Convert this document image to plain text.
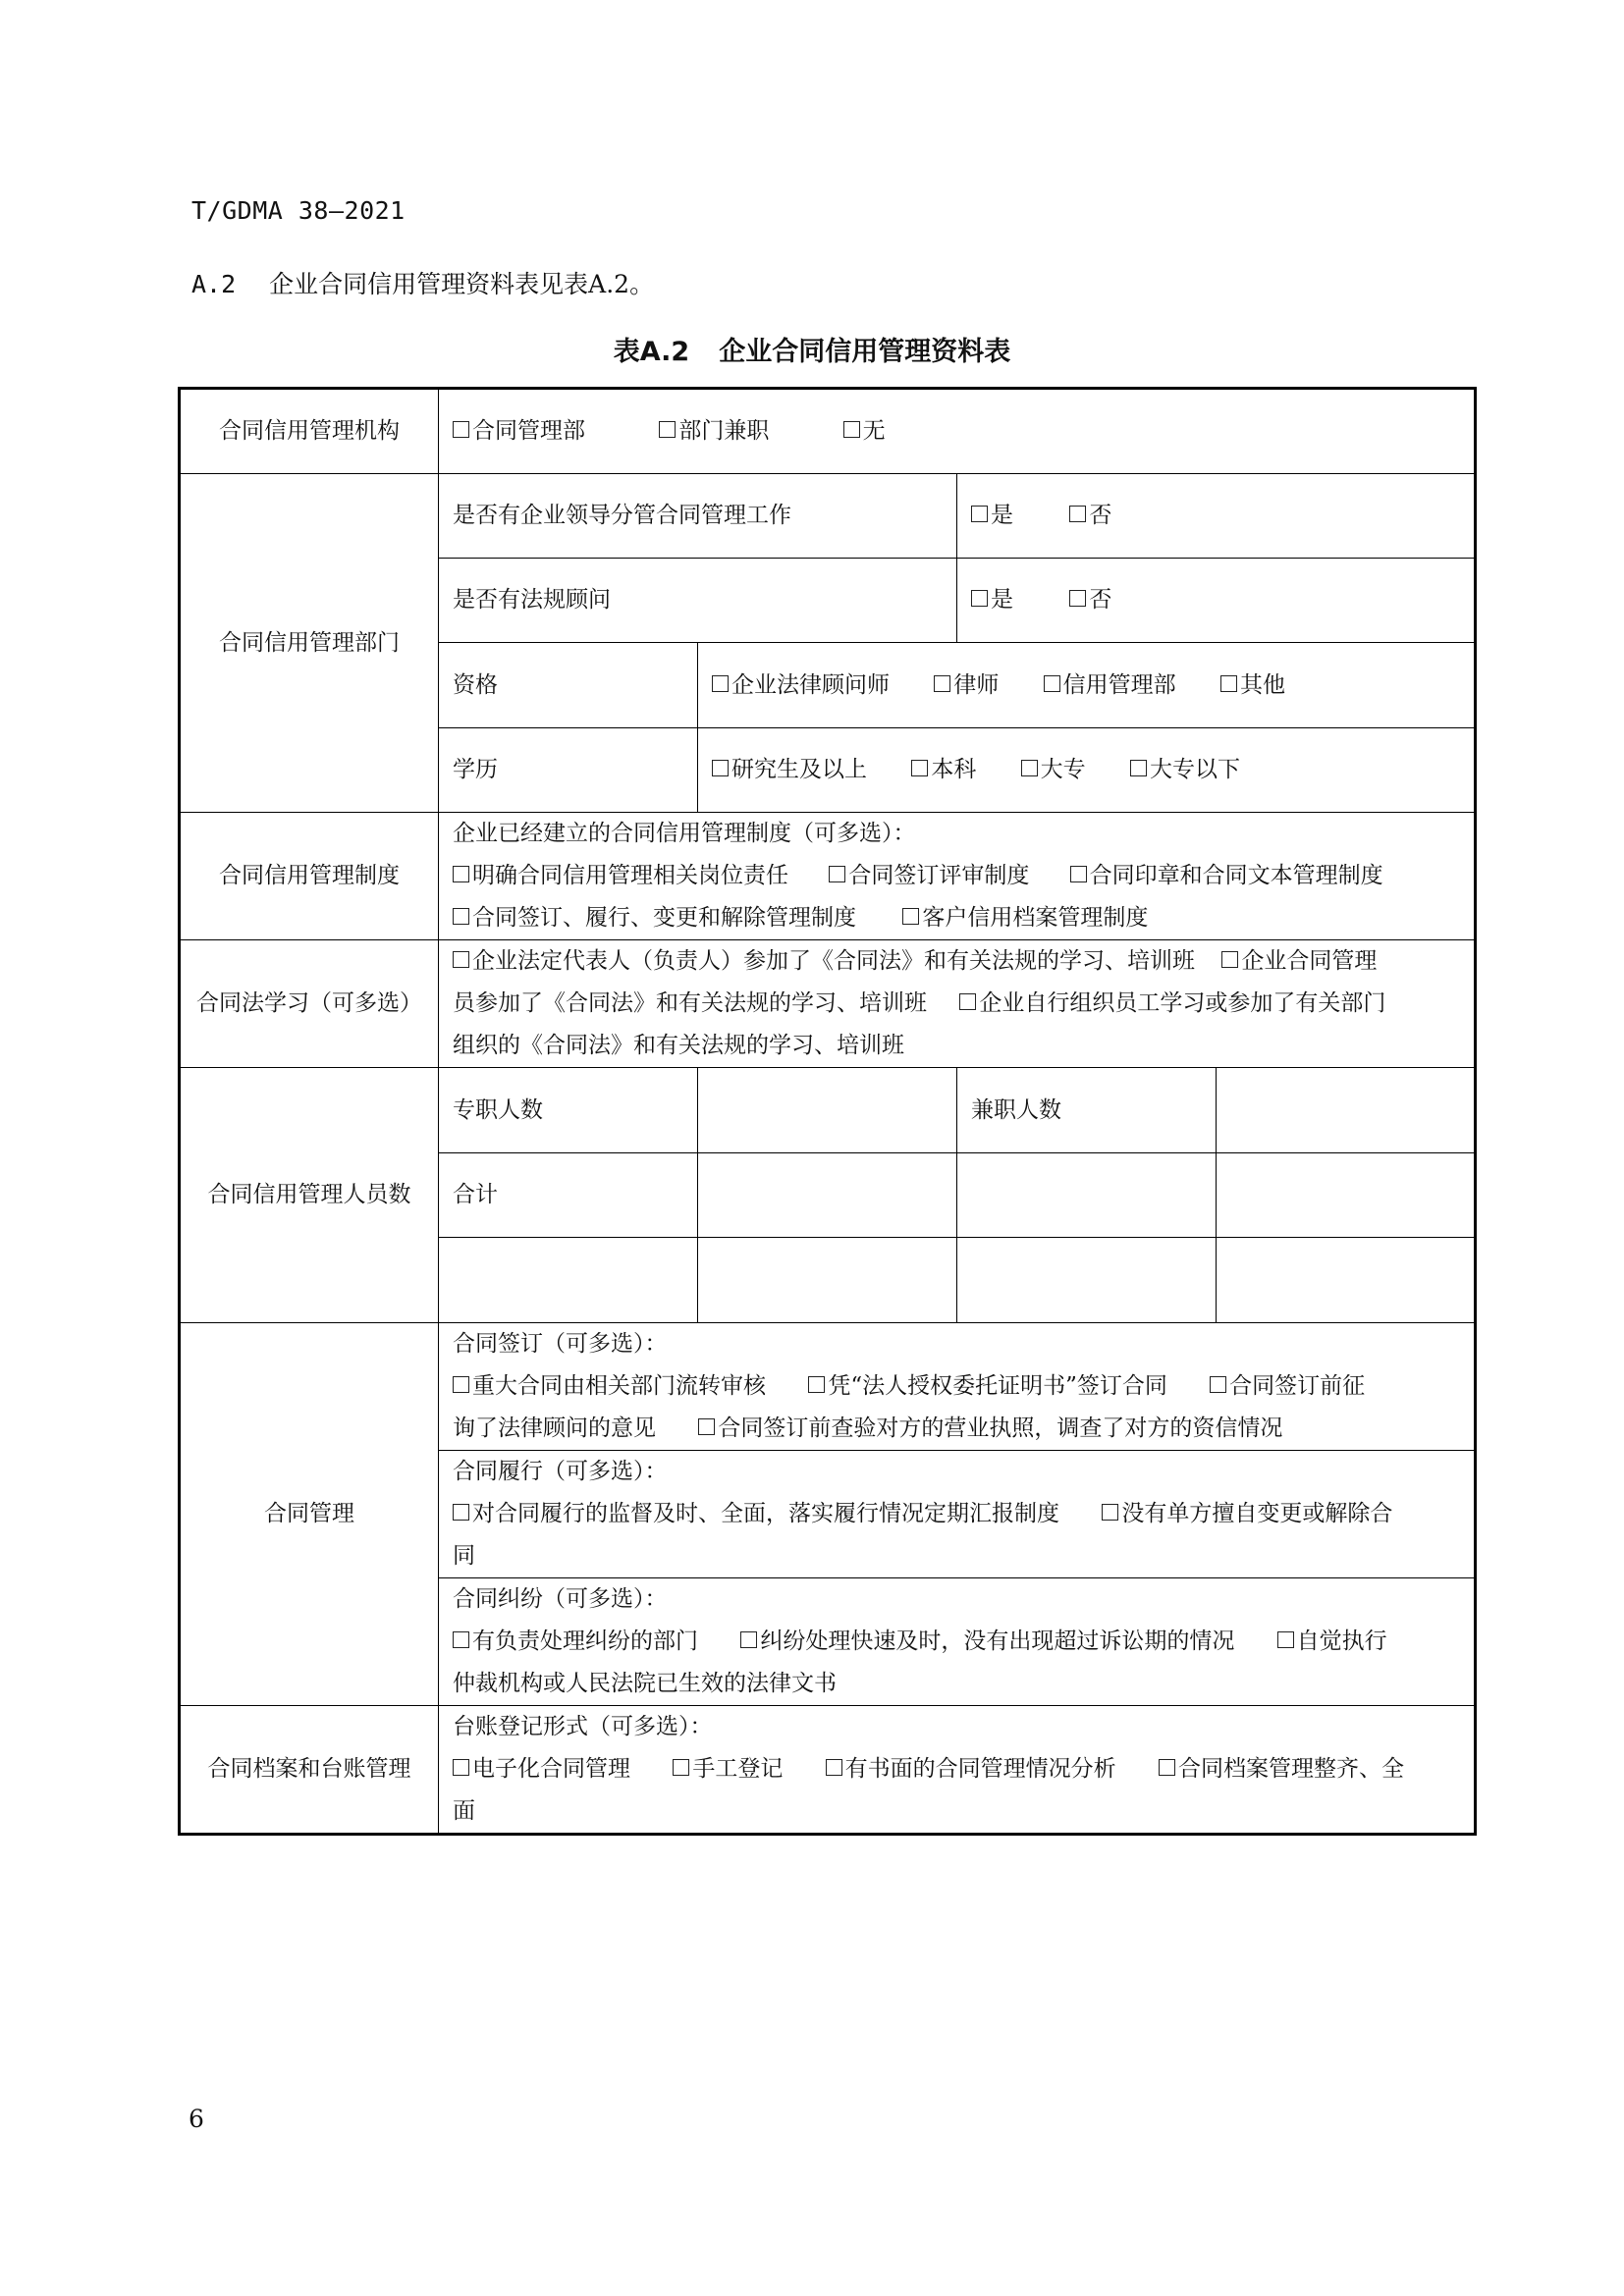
T/GDMA 38—2021
A.2 企业合同信用管理资料表见表A.2。
表A.2 企业合同信用管理资料表
合同信用管理机构	合同管理部 部门兼职 无			
合同信用管理部门	是否有企业领导分管合同管理工作		是 否	
	是否有法规顾问		是 否	
	资格	企业法律顾问师 律师 信用管理部 其他		
	学历	研究生及以上 本科 大专 大专以下		
合同信用管理制度	企业已经建立的合同信用管理制度（可多选）：
明确合同信用管理相关岗位责任 合同签订评审制度 合同印章和合同文本管理制度
合同签订、履行、变更和解除管理制度 客户信用档案管理制度			

合同法学习（可多选）	企业法定代表人（负责人）参加了《合同法》和有关法规的学习、培训班 企业合同管理
员参加了《合同法》和有关法规的学习、培训班 企业自行组织员工学习或参加了有关部门
组织的《合同法》和有关法规的学习、培训班			

合同信用管理人员数	专职人数		兼职人数	
	合计			

合同管理	合同签订（可多选）：
重大合同由相关部门流转审核 凭“法人授权委托证明书”签订合同 合同签订前征
询了法律顾问的意见 合同签订前查验对方的营业执照，调查了对方的资信情况			

	合同履行（可多选）：
对合同履行的监督及时、全面，落实履行情况定期汇报制度 没有单方擅自变更或解除合
同			

	合同纠纷（可多选）：
有负责处理纠纷的部门 纠纷处理快速及时，没有出现超过诉讼期的情况 自觉执行
仲裁机构或人民法院已生效的法律文书			

合同档案和台账管理	台账登记形式（可多选）：
电子化合同管理 手工登记 有书面的合同管理情况分析 合同档案管理整齐、全
面			
6
